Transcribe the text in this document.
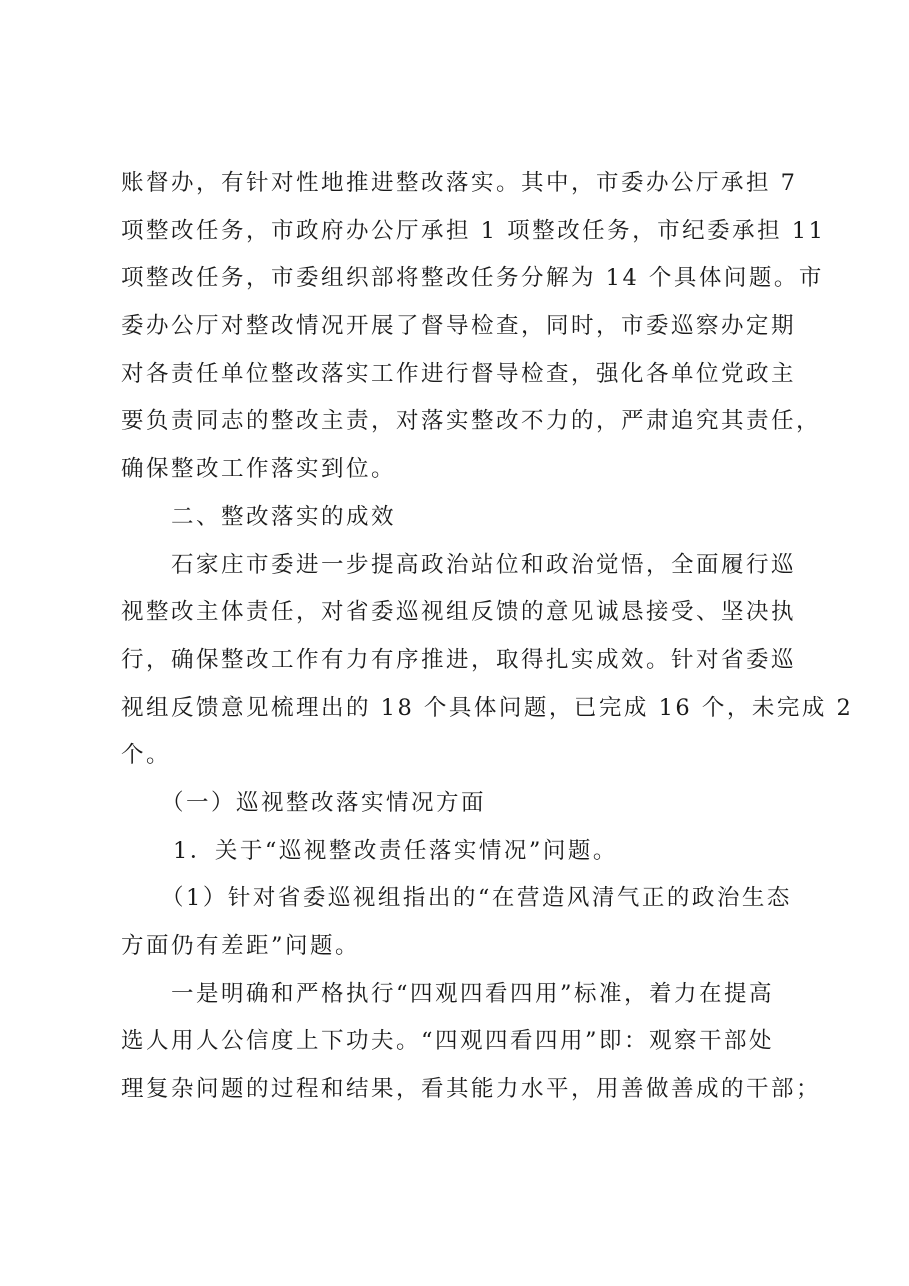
账督办，有针对性地推进整改落实。其中，市委办公厅承担 7
项整改任务，市政府办公厅承担 1 项整改任务，市纪委承担 11
项整改任务，市委组织部将整改任务分解为 14 个具体问题。市
委办公厅对整改情况开展了督导检查，同时，市委巡察办定期
对各责任单位整改落实工作进行督导检查，强化各单位党政主
要负责同志的整改主责，对落实整改不力的，严肃追究其责任，
确保整改工作落实到位。
二、整改落实的成效
石家庄市委进一步提高政治站位和政治觉悟，全面履行巡
视整改主体责任，对省委巡视组反馈的意见诚恳接受、坚决执
行，确保整改工作有力有序推进，取得扎实成效。针对省委巡
视组反馈意见梳理出的 18 个具体问题，已完成 16 个，未完成 2
个。
（一）巡视整改落实情况方面
1．关于“巡视整改责任落实情况”问题。
（1）针对省委巡视组指出的“在营造风清气正的政治生态
方面仍有差距”问题。
一是明确和严格执行“四观四看四用”标准，着力在提高
选人用人公信度上下功夫。“四观四看四用”即：观察干部处
理复杂问题的过程和结果，看其能力水平，用善做善成的干部；
